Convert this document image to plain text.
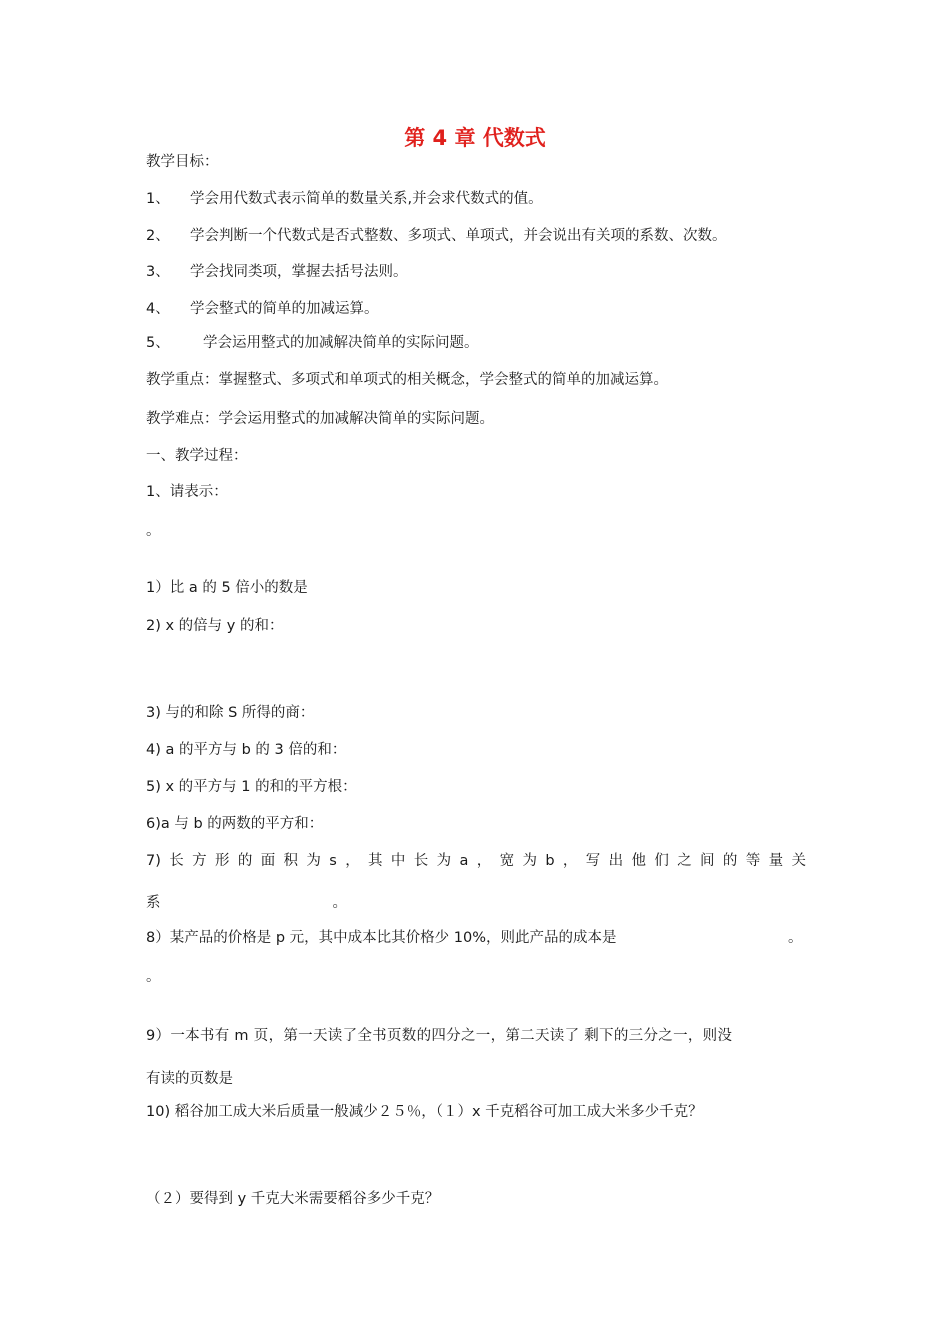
第 4 章 代数式
教学目标：
1、 学会用代数式表示简单的数量关系,并会求代数式的值。
2、 学会判断一个代数式是否式整数、多项式、单项式，并会说出有关项的系数、次数。
3、 学会找同类项，掌握去括号法则。
4、 学会整式的简单的加减运算。
5、 学会运用整式的加减解决简单的实际问题。
教学重点：掌握整式、多项式和单项式的相关概念，学会整式的简单的加减运算。
教学难点：学会运用整式的加减解决简单的实际问题。
一、教学过程：
1、请表示：
。
1）比 a 的 5 倍小的数是
2) x 的倍与 y 的和：
3) 与的和除 S 所得的商：
4) a 的平方与 b 的 3 倍的和：
5) x 的平方与 1 的和的平方根：
6)a 与 b 的两数的平方和：
7) 长 方 形 的 面 积 为 s ， 其 中 长 为 a ， 宽 为 b ， 写 出 他 们 之 间 的 等 量 关
系	。
8）某产品的价格是 p 元，其中成本比其价格少 10%，则此产品的成本是	。
。
9）一本书有 m 页，第一天读了全书页数的四分之一，第二天读了 剩下的三分之一，则没
有读的页数是
10) 稻谷加工成大米后质量一般减少２５％，（１）x 千克稻谷可加工成大米多少千克？
（２）要得到 y 千克大米需要稻谷多少千克？
